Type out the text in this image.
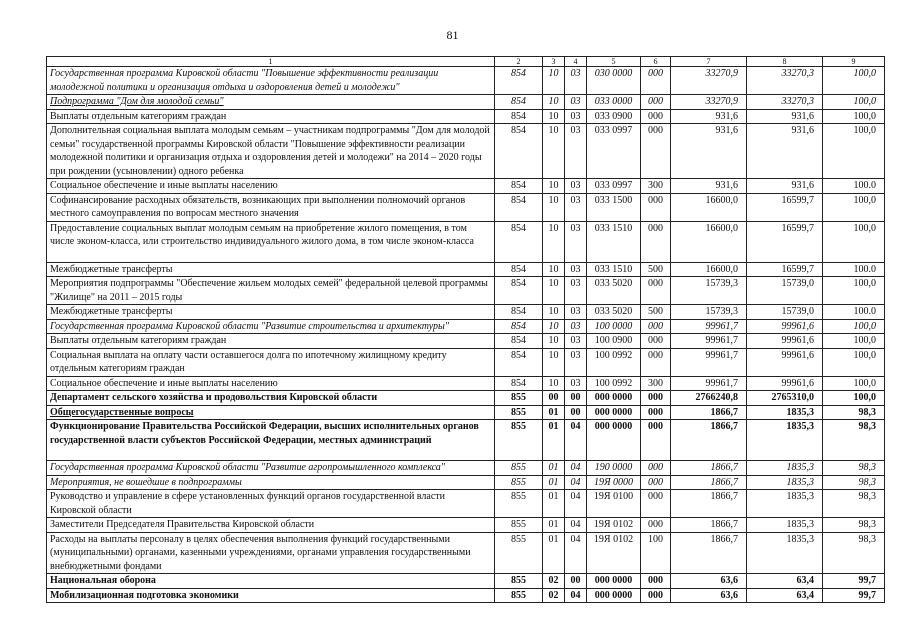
81
1	2	3	4	5	6	7	8	9
Государственная программа Кировской области "Повышение эффективности реализации молодежной политики и организация отдыха и оздоровления детей и молодежи"	854	10	03	030 0000	000	33270,9	33270,3	100,0
Подпрограмма "Дом для молодой семьи"	854	10	03	033 0000	000	33270,9	33270,3	100,0
Выплаты отдельным категориям граждан	854	10	03	033 0900	000	931,6	931,6	100,0
Дополнительная социальная выплата молодым семьям – участникам подпрограммы "Дом для молодой семьи" государственной программы Кировской области "Повышение эффективности реализации молодежной политики и организация отдыха и оздоровления детей и молодежи" на 2014 – 2020 годы при рождении (усыновлении) одного ребенка	854	10	03	033 0997	000	931,6	931,6	100,0
Социальное обеспечение и иные выплаты населению	854	10	03	033 0997	300	931,6	931,6	100.0
Софинансирование расходных обязательств, возникающих при выполнении полномочий органов местного самоуправления по вопросам местного значения	854	10	03	033 1500	000	16600,0	16599,7	100,0
Предоставление социальных выплат молодым семьям на приобретение жилого помещения, в том числе эконом-класса, или строительство индивидуального жилого дома, в том числе эконом-класса	854	10	03	033 1510	000	16600,0	16599,7	100,0
Межбюджетные трансферты	854	10	03	033 1510	500	16600,0	16599,7	100.0
Мероприятия подпрограммы "Обеспечение жильем молодых семей" федеральной целевой программы "Жилище" на 2011 – 2015 годы	854	10	03	033 5020	000	15739,3	15739,0	100,0
Межбюджетные трансферты	854	10	03	033 5020	500	15739,3	15739,0	100.0
Государственная программа Кировской области "Развитие строительства и архитектуры"	854	10	03	100 0000	000	99961,7	99961,6	100,0
Выплаты отдельным категориям граждан	854	10	03	100 0900	000	99961,7	99961,6	100,0
Социальная выплата на оплату части оставшегося долга по ипотечному жилищному кредиту отдельным категориям граждан	854	10	03	100 0992	000	99961,7	99961,6	100,0
Социальное обеспечение и иные выплаты населению	854	10	03	100 0992	300	99961,7	99961,6	100,0
Департамент сельского хозяйства и продовольствия Кировской области	855	00	00	000 0000	000	2766240,8	2765310,0	100,0
Общегосударственные вопросы	855	01	00	000 0000	000	1866,7	1835,3	98,3
Функционирование Правительства Российской Федерации, высших исполнительных органов государственной власти субъектов Российской Федерации, местных администраций	855	01	04	000 0000	000	1866,7	1835,3	98,3
Государственная программа Кировской области "Развитие агропромышленного комплекса"	855	01	04	190 0000	000	1866,7	1835,3	98,3
Мероприятия, не вошедшие в подпрограммы	855	01	04	19Я 0000	000	1866,7	1835,3	98,3
Руководство и управление в сфере установленных функций органов государственной власти Кировской области	855	01	04	19Я 0100	000	1866,7	1835,3	98,3
Заместители Председателя Правительства Кировской области	855	01	04	19Я 0102	000	1866,7	1835,3	98,3
Расходы на выплаты персоналу в целях обеспечения выполнения функций государственными (муниципальными) органами, казенными учреждениями, органами управления государственными внебюджетными фондами	855	01	04	19Я 0102	100	1866,7	1835,3	98,3
Национальная оборона	855	02	00	000 0000	000	63,6	63,4	99,7
Мобилизационная подготовка экономики	855	02	04	000 0000	000	63,6	63,4	99,7
